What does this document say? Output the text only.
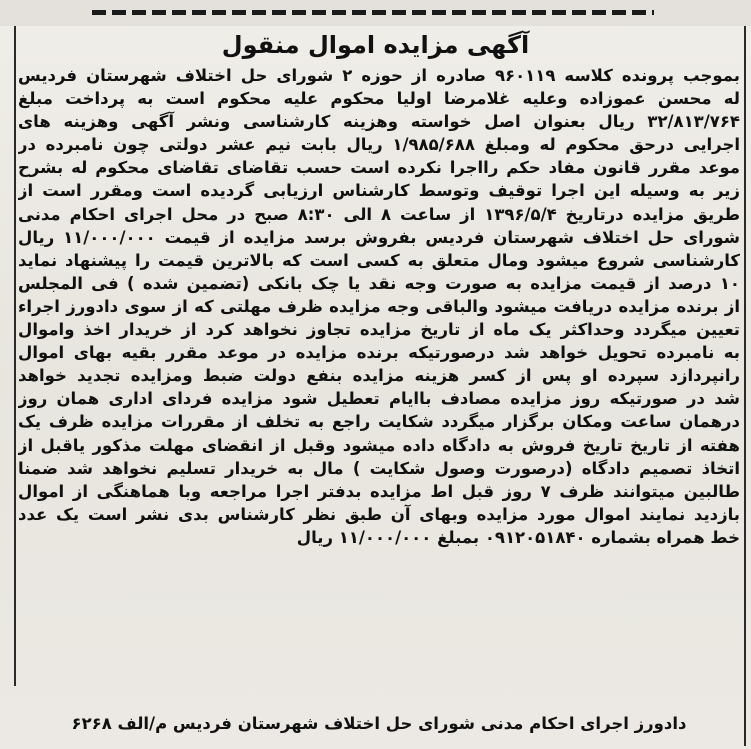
آگهی مزایده اموال منقول
بموجب پرونده کلاسه ۹۶۰۱۱۹ صادره از حوزه ۲ شورای حل اختلاف شهرستان فردیس
له محسن عموزاده وعلیه غلامرضا اولیا محکوم علیه محکوم است به پرداخت مبلغ
۳۲/۸۱۳/۷۶۴ ریال بعنوان اصل خواسته وهزینه کارشناسی ونشر آگهی وهزینه های
اجرایی درحق محکوم له ومبلغ ۱/۹۸۵/۶۸۸ ریال بابت نیم عشر دولتی چون نامبرده در
موعد مقرر قانون مفاد حکم رااجرا نکرده است حسب تقاضای تقاضای محکوم له بشرح
زیر به وسیله این اجرا توقیف وتوسط کارشناس ارزیابی گردیده است ومقرر است از
طریق مزایده درتاریخ ۱۳۹۶/۵/۴ از ساعت ۸ الی ۸:۳۰ صبح در محل اجرای احکام مدنی
شورای حل اختلاف شهرستان فردیس بفروش برسد مزایده از قیمت ۱۱/۰۰۰/۰۰۰ ریال
کارشناسی شروع میشود ومال متعلق به کسی است که بالاترین قیمت را پیشنهاد نماید
۱۰ درصد از قیمت مزایده به صورت وجه نقد یا چک بانکی (تضمین شده ) فی المجلس
از برنده مزایده دریافت میشود والباقی وجه مزایده ظرف مهلتی که از سوی دادورز اجراء
تعیین میگردد وحداکثر یک ماه از تاریخ مزایده تجاوز نخواهد کرد از خریدار اخذ واموال
به نامبرده تحویل خواهد شد درصورتیکه برنده مزایده در موعد مقرر بقیه بهای اموال
رانپردازد سپرده او پس از کسر هزینه مزایده بنفع دولت ضبط ومزایده تجدید خواهد
شد در صورتیکه روز مزایده مصادف باایام تعطیل شود مزایده فردای اداری همان روز
درهمان ساعت ومکان برگزار میگردد شکایت راجع به تخلف از مقررات مزایده ظرف یک
هفته از تاریخ تاریخ فروش به دادگاه داده میشود وقبل از انقضای مهلت مذکور یاقبل از
اتخاذ تصمیم دادگاه (درصورت وصول شکایت ) مال به خریدار تسلیم نخواهد شد ضمنا
طالبین میتوانند ظرف ۷ روز قبل اط مزایده بدفتر اجرا مراجعه وبا هماهنگی از اموال
بازدید نمایند اموال مورد مزایده وبهای آن طبق نظر کارشناس بدی نشر است یک عدد
خط همراه بشماره ۰۹۱۲۰۵۱۸۴۰ بمبلغ ۱۱/۰۰۰/۰۰۰ ریال
دادورز اجرای احکام مدنی شورای حل اختلاف شهرستان فردیس م/الف ۶۲۶۸
